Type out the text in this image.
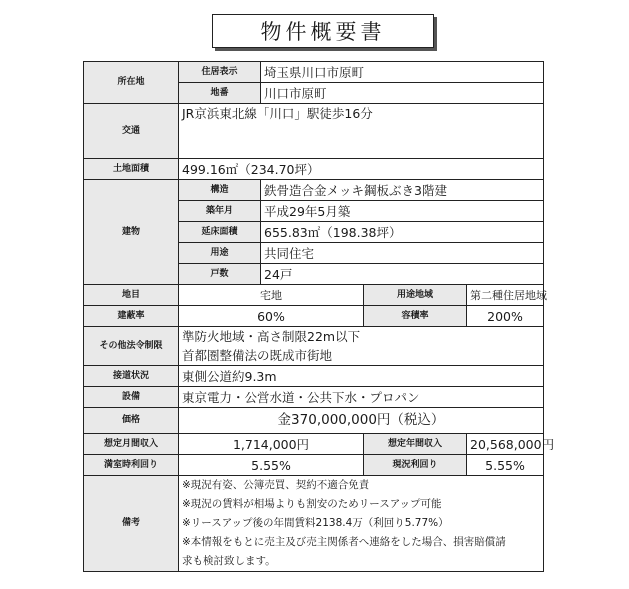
物件概要書
所在地	住居表示	埼玉県川口市原町		
	地番	川口市原町		
交通	JR京浜東北線「川口」駅徒歩16分			
土地面積	499.16㎡（234.70坪）			
建物	構造	鉄骨造合金メッキ鋼板ぶき3階建		
	築年月	平成29年5月築		
	延床面積	655.83㎡（198.38坪）		
	用途	共同住宅		
	戸数	24戸		
地目	宅地		用途地域	第二種住居地域
建蔽率	60%		容積率	200%
その他法令制限	準防火地域・高さ制限22m以下
首都圏整備法の既成市街地			

接道状況	東側公道約9.3m			
設備	東京電力・公営水道・公共下水・プロパン			
価格	金370,000,000円（税込）			
想定月間収入	1,714,000円		想定年間収入	20,568,000円
満室時利回り	5.55%		現況利回り	5.55%
備考	※現況有姿、公簿売買、契約不適合免責
※現況の賃料が相場よりも割安のためリースアップ可能
※リースアップ後の年間賃料2138.4万（利回り5.77%）
※本情報をもとに売主及び売主関係者へ連絡をした場合、損害賠償請
求も検討致します。			
